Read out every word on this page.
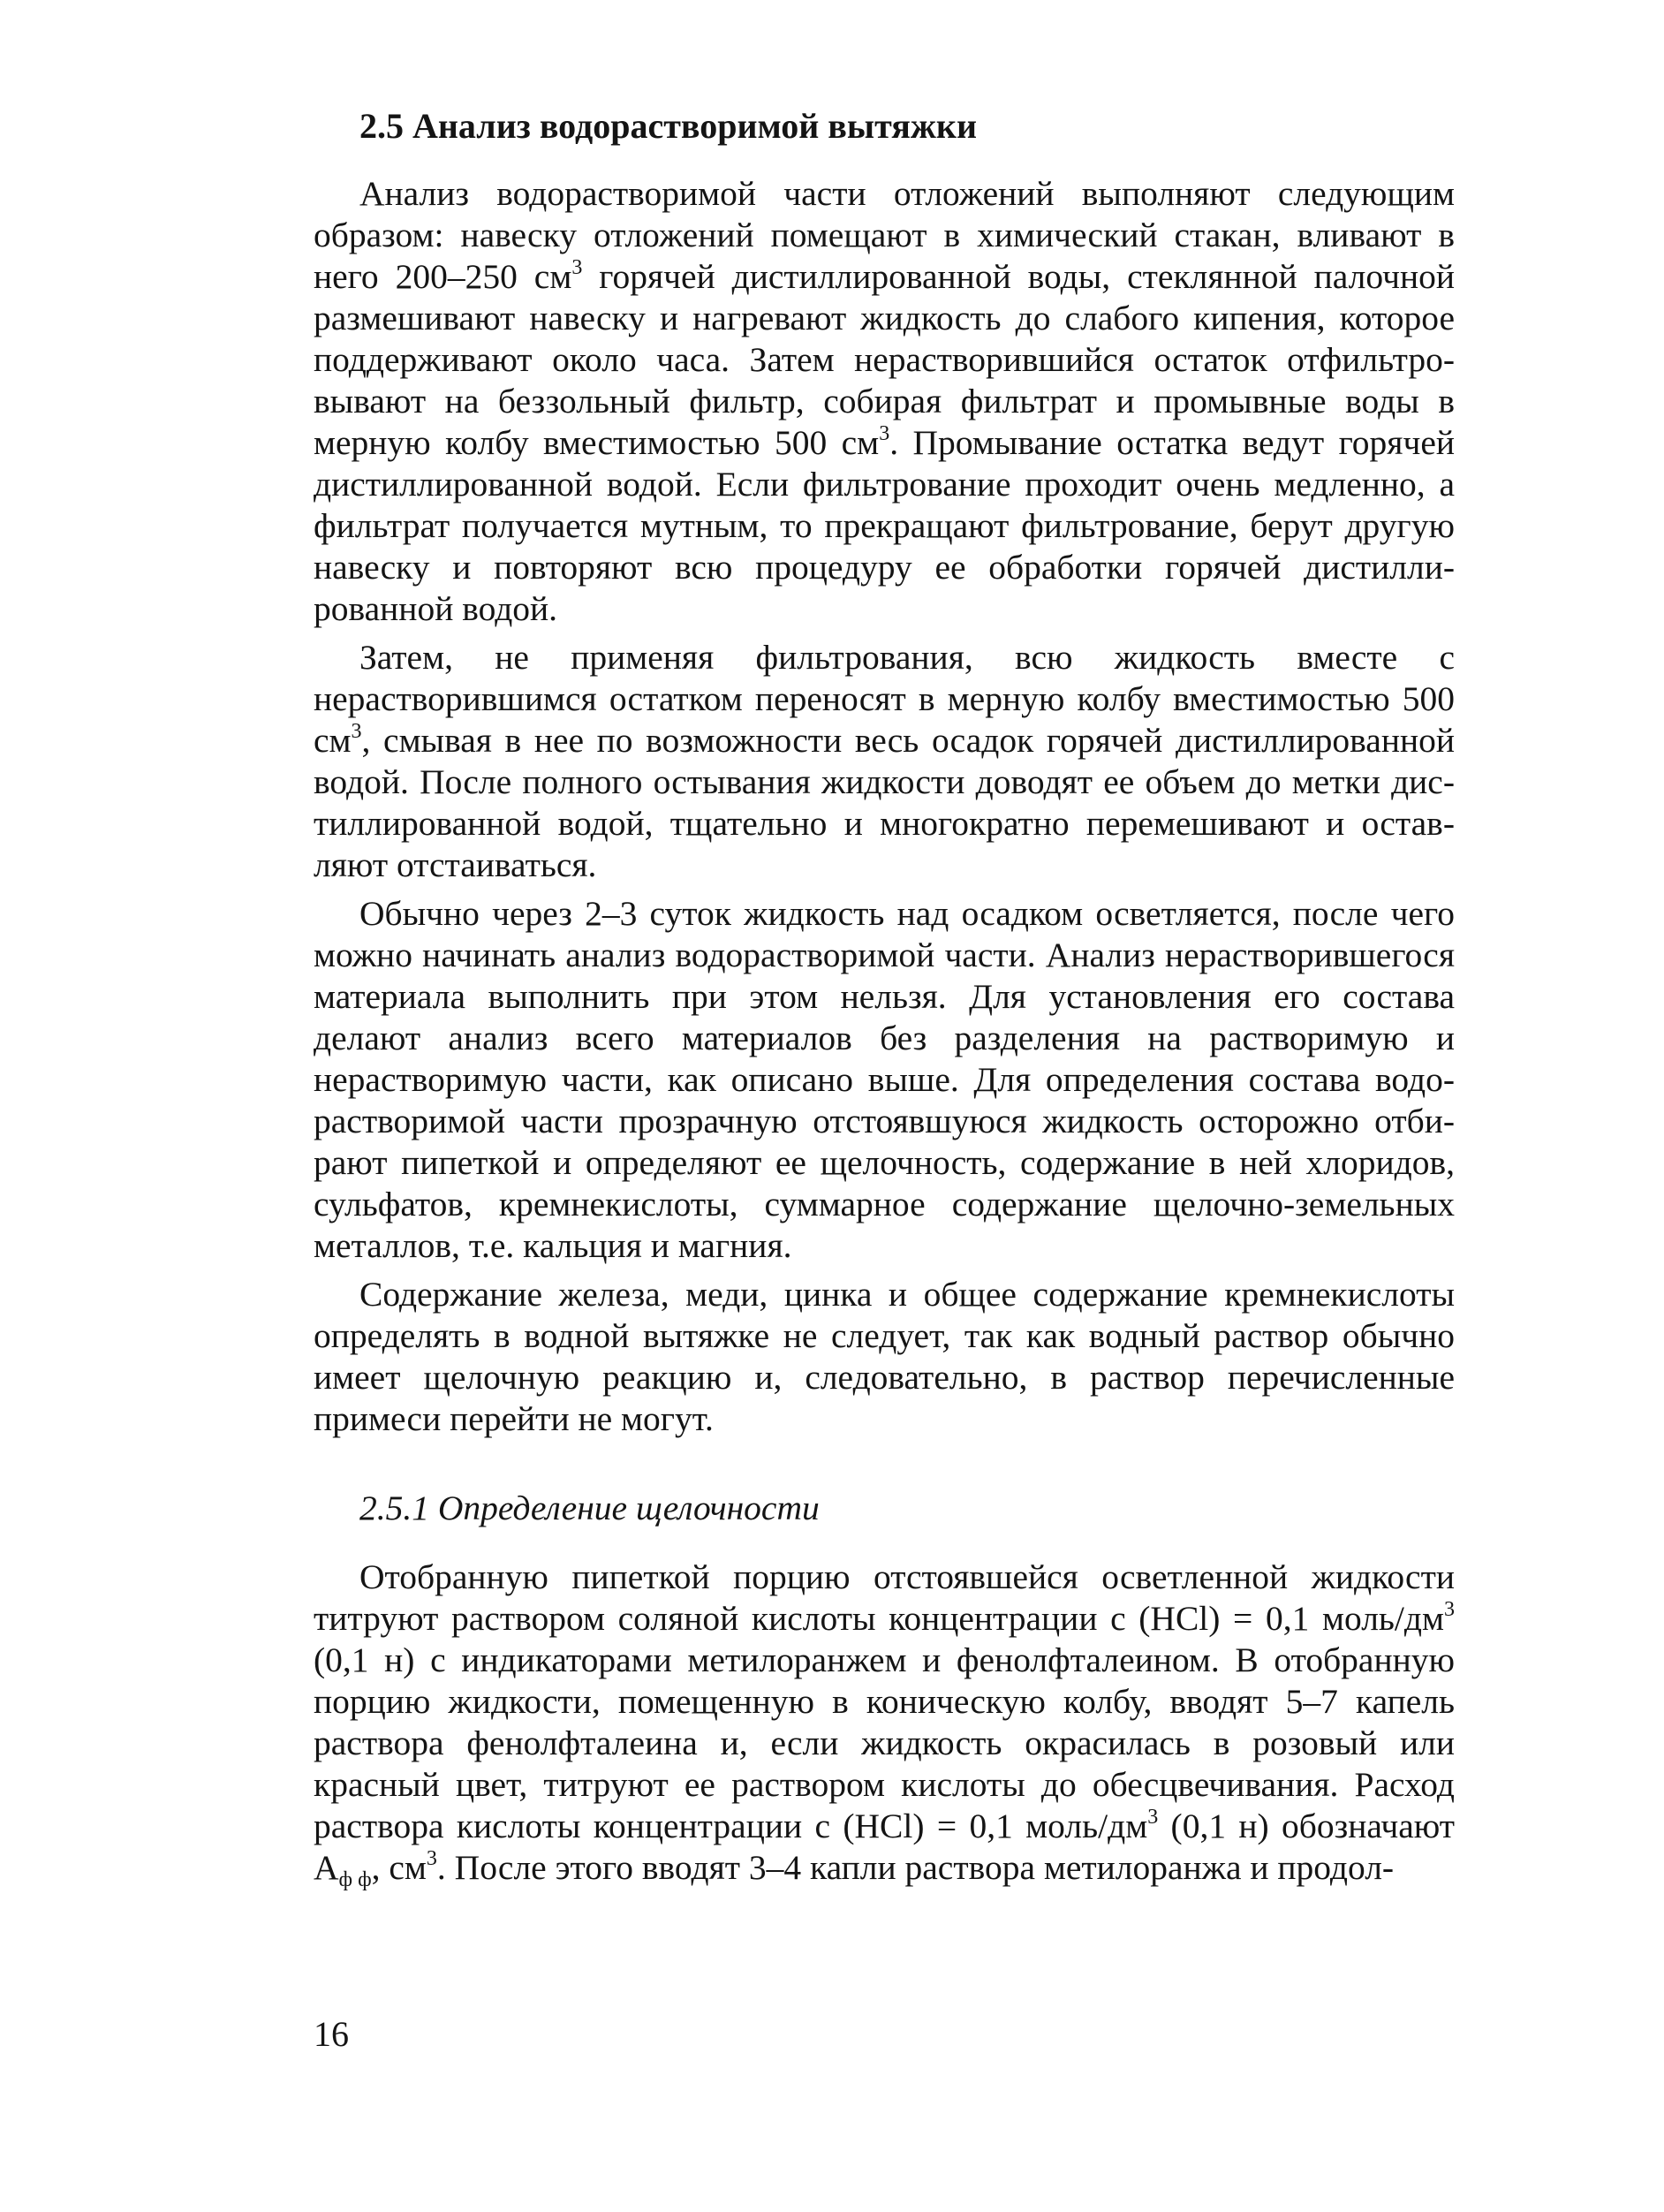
2.5 Анализ водорастворимой вытяжки

Анализ водорастворимой части отложений выполняют следующим образом: навеску отложений помещают в химический стакан, вливают в него 200–250 $см^3$ горячей дистиллированной воды, стеклянной палочной размешивают навеску и нагревают жидкость до слабого кипения, которое поддерживают около часа. Затем нерастворившийся остаток отфильтровывают на беззольный фильтр, собирая фильтрат и промывные воды в мерную колбу вместимостью 500 $см^3$. Промывание остатка ведут горячей дистиллированной водой. Если фильтрование проходит очень медленно, а фильтрат получается мутным, то прекращают фильтрование, берут другую навеску и повторяют всю процедуру ее обработки горячей дистиллированной водой.

Затем, не применяя фильтрования, всю жидкость вместе с нерастворившимся остатком переносят в мерную колбу вместимостью 500 $см^3$, смывая в нее по возможности весь осадок горячей дистиллированной водой. После полного остывания жидкости доводят ее объем до метки дистиллированной водой, тщательно и многократно перемешивают и оставляют отстаиваться.

Обычно через 2–3 суток жидкость над осадком осветляется, после чего можно начинать анализ водорастворимой части. Анализ нерастворившегося материала выполнить при этом нельзя. Для установления его состава делают анализ всего материалов без разделения на растворимую и нерастворимую части, как описано выше. Для определения состава водорастворимой части прозрачную отстоявшуюся жидкость осторожно отбирают пипеткой и определяют ее щелочность, содержание в ней хлоридов, сульфатов, кремнекислоты, суммарное содержание щелочно-земельных металлов, т.е. кальция и магния.

Содержание железа, меди, цинка и общее содержание кремнекислоты определять в водной вытяжке не следует, так как водный раствор обычно имеет щелочную реакцию и, следовательно, в раствор перечисленные примеси перейти не могут.

2.5.1 Определение щелочности

Отобранную пипеткой порцию отстоявшейся осветленной жидкости титруют раствором соляной кислоты концентрации с (HCl) = 0,1 моль/$дм^3$ (0,1 н) с индикаторами метилоранжем и фенолфталеином. В отобранную порцию жидкости, помещенную в коническую колбу, вводят 5–7 капель раствора фенолфталеина и, если жидкость окрасилась в розовый или красный цвет, титруют ее раствором кислоты до обесцвечивания. Расход раствора кислоты концентрации с (HCl) = 0,1 моль/$дм^3$ (0,1 н) обозначают $А_{ф ф}$, $см^3$. После этого вводят 3–4 капли раствора метилоранжа и продол-

16
